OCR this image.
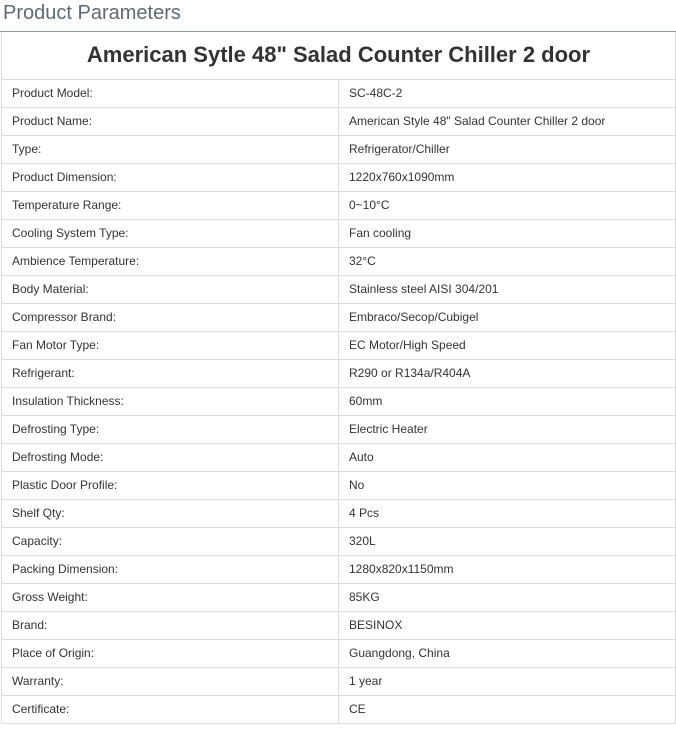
Product Parameters
American Sytle 48" Salad Counter Chiller 2 door	
Product Model:	SC-48C-2
Product Name:	American Style 48" Salad Counter Chiller 2 door
Type:	Refrigerator/Chiller
Product Dimension:	1220x760x1090mm
Temperature Range:	0~10°C
Cooling System Type:	Fan cooling
Ambience Temperature:	32°C
Body Material:	Stainless steel AISI 304/201
Compressor Brand:	Embraco/Secop/Cubigel
Fan Motor Type:	EC Motor/High Speed
Refrigerant:	R290 or R134a/R404A
Insulation Thickness:	60mm
Defrosting Type:	Electric Heater
Defrosting Mode:	Auto
Plastic Door Profile:	No
Shelf Qty:	4 Pcs
Capacity:	320L
Packing Dimension:	1280x820x1150mm
Gross Weight:	85KG
Brand:	BESINOX
Place of Origin:	Guangdong, China
Warranty:	1 year
Certificate:	CE
